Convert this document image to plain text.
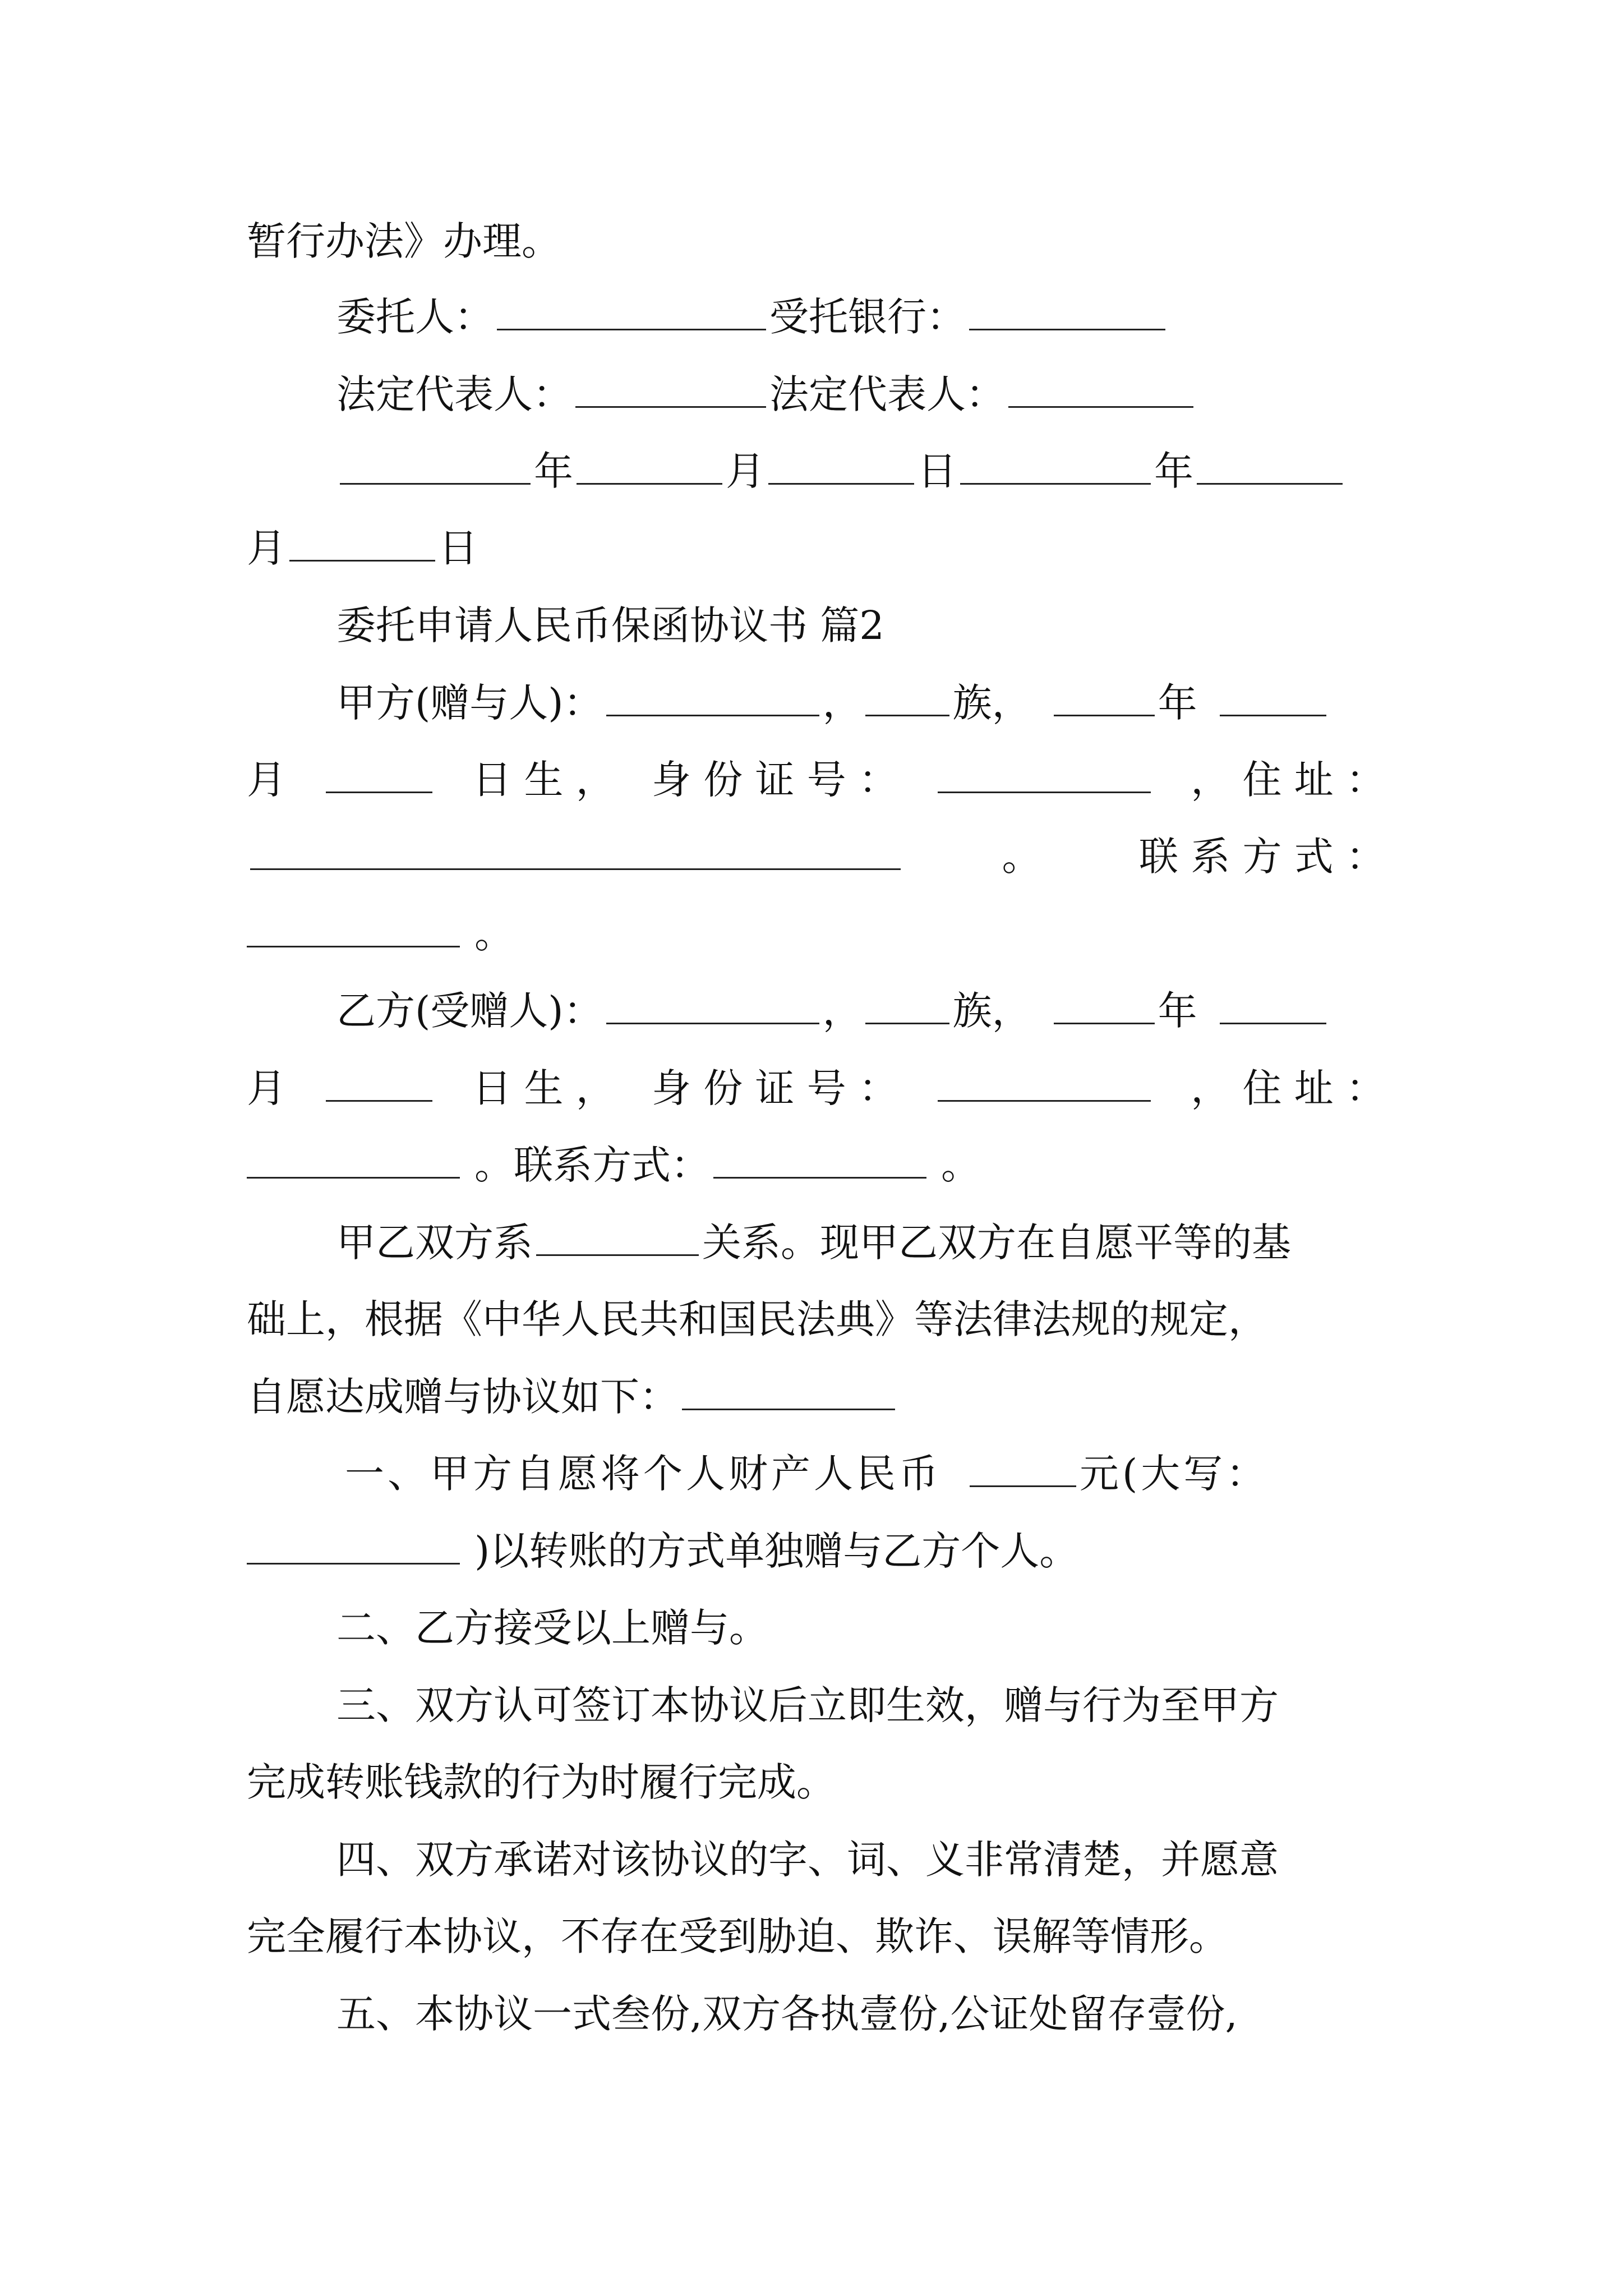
暂行办法》办理。
委托人：	受托银行：
法定代表人：	法定代表人：
年	月	日	年
月	日
委托申请人民币保函协议书 篇2
甲方(赠与人)：	， 族，	年
月	日 生 ， 身 份 证 号 ：	， 住 址 ：
。 联 系 方 式 ：
。
乙方(受赠人)：	， 族，	年
月	日 生 ， 身 份 证 号 ：	， 住 址 ：
。联系方式：	。
甲乙双方系	关系。现甲乙双方在自愿平等的基
础上，根据《中华人民共和国民法典》等法律法规的规定，
自愿达成赠与协议如下：
一、甲方自愿将个人财产人民币	元(大写：
)以转账的方式单独赠与乙方个人。
二、乙方接受以上赠与。
三、双方认可签订本协议后立即生效，赠与行为至甲方
完成转账钱款的行为时履行完成。
四、双方承诺对该协议的字、词、义非常清楚，并愿意
完全履行本协议，不存在受到胁迫、欺诈、误解等情形。
五、本协议一式叁份,双方各执壹份,公证处留存壹份,
